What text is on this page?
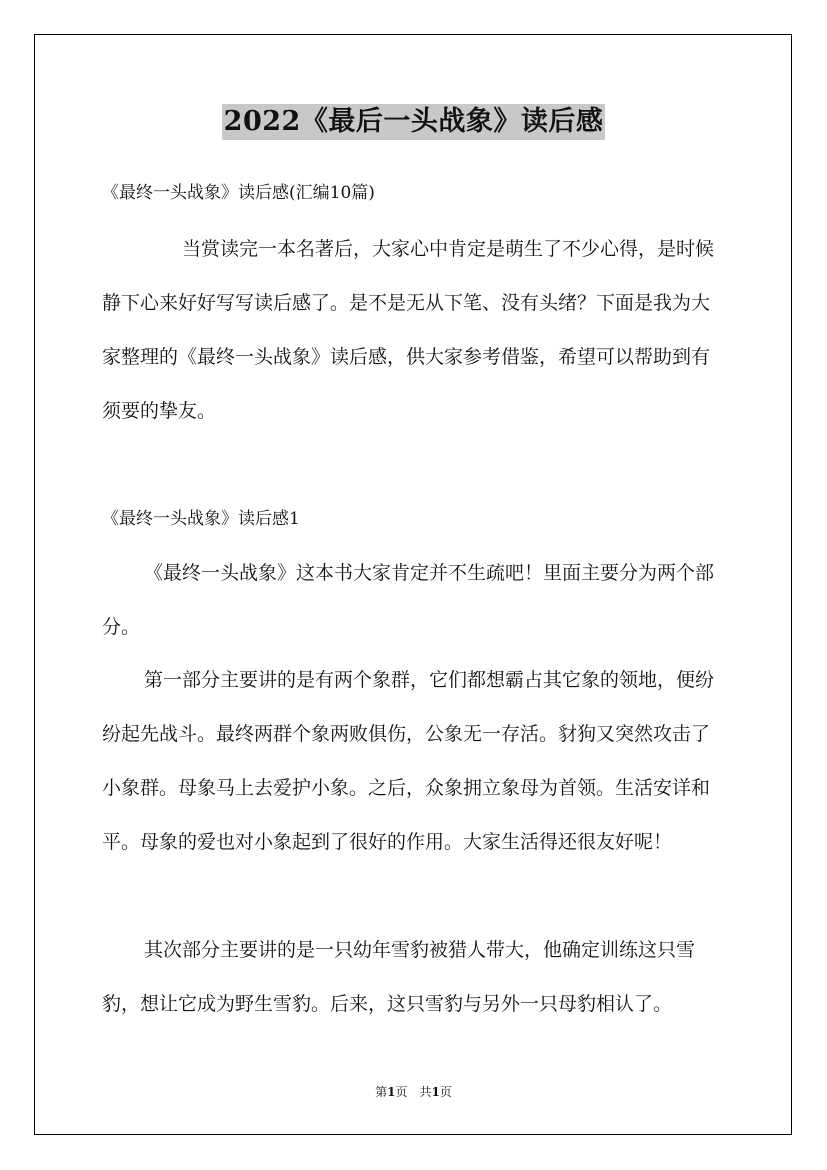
2022《最后一头战象》读后感
《最终一头战象》读后感(汇编10篇)

当赏读完一本名著后，大家心中肯定是萌生了不少心得，是时候静下心来好好写写读后感了。是不是无从下笔、没有头绪？下面是我为大家整理的《最终一头战象》读后感，供大家参考借鉴，希望可以帮助到有须要的挚友。

《最终一头战象》读后感1

《最终一头战象》这本书大家肯定并不生疏吧！里面主要分为两个部分。

第一部分主要讲的是有两个象群，它们都想霸占其它象的领地，便纷纷起先战斗。最终两群个象两败俱伤，公象无一存活。豺狗又突然攻击了小象群。母象马上去爱护小象。之后，众象拥立象母为首领。生活安详和平。母象的爱也对小象起到了很好的作用。大家生活得还很友好呢！

其次部分主要讲的是一只幼年雪豹被猎人带大，他确定训练这只雪豹，想让它成为野生雪豹。后来，这只雪豹与另外一只母豹相认了。

第1页　共1页
